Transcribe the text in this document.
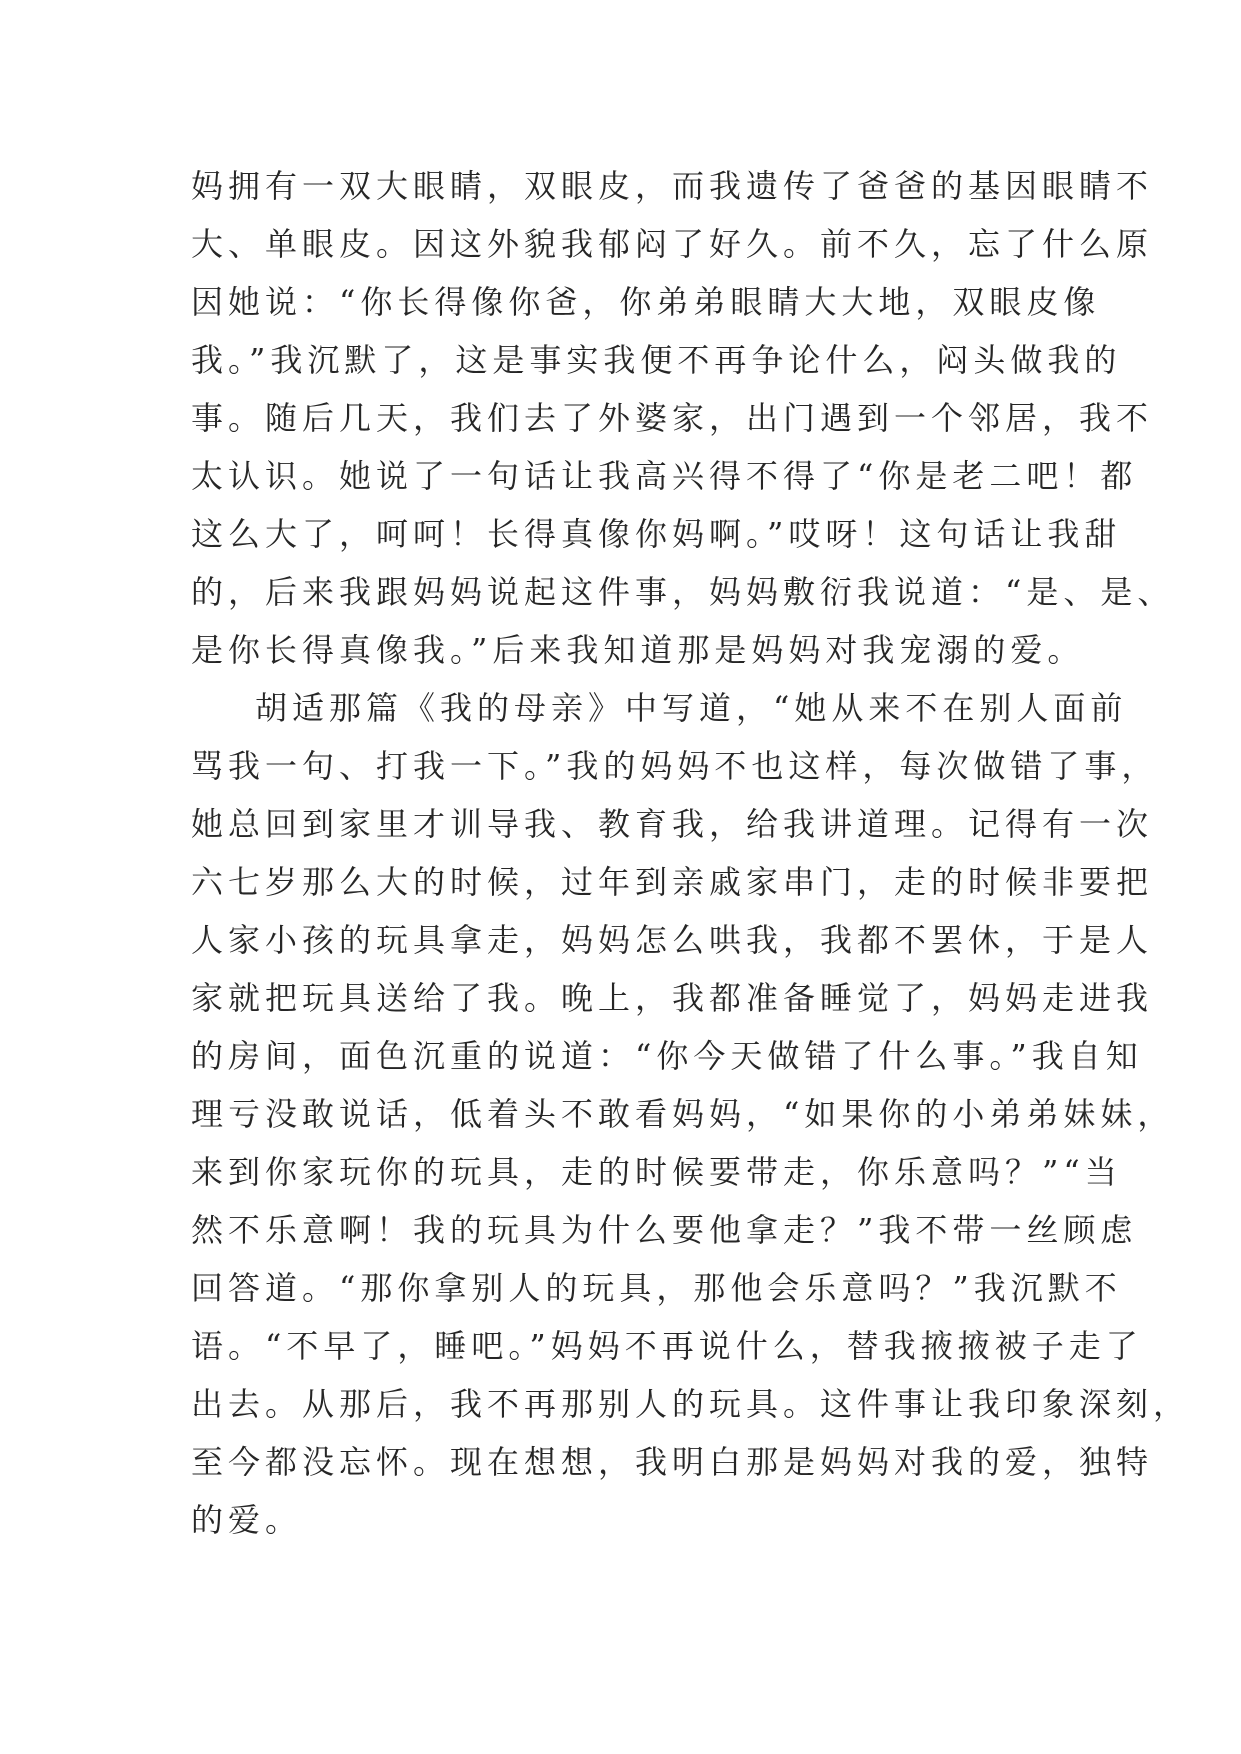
妈拥有一双大眼睛，双眼皮，而我遗传了爸爸的基因眼睛不
大、单眼皮。因这外貌我郁闷了好久。前不久，忘了什么原
因她说：“你长得像你爸，你弟弟眼睛大大地，双眼皮像
我。”我沉默了，这是事实我便不再争论什么，闷头做我的
事。随后几天，我们去了外婆家，出门遇到一个邻居，我不
太认识。她说了一句话让我高兴得不得了“你是老二吧！都
这么大了，呵呵！长得真像你妈啊。”哎呀！这句话让我甜
的，后来我跟妈妈说起这件事，妈妈敷衍我说道：“是、是、
是你长得真像我。”后来我知道那是妈妈对我宠溺的爱。
胡适那篇《我的母亲》中写道，“她从来不在别人面前
骂我一句、打我一下。”我的妈妈不也这样，每次做错了事，
她总回到家里才训导我、教育我，给我讲道理。记得有一次
六七岁那么大的时候，过年到亲戚家串门，走的时候非要把
人家小孩的玩具拿走，妈妈怎么哄我，我都不罢休，于是人
家就把玩具送给了我。晚上，我都准备睡觉了，妈妈走进我
的房间，面色沉重的说道：“你今天做错了什么事。”我自知
理亏没敢说话，低着头不敢看妈妈，“如果你的小弟弟妹妹，
来到你家玩你的玩具，走的时候要带走，你乐意吗？”“当
然不乐意啊！我的玩具为什么要他拿走？”我不带一丝顾虑
回答道。“那你拿别人的玩具，那他会乐意吗？”我沉默不
语。“不早了，睡吧。”妈妈不再说什么，替我掖掖被子走了
出去。从那后，我不再那别人的玩具。这件事让我印象深刻，
至今都没忘怀。现在想想，我明白那是妈妈对我的爱，独特
的爱。
